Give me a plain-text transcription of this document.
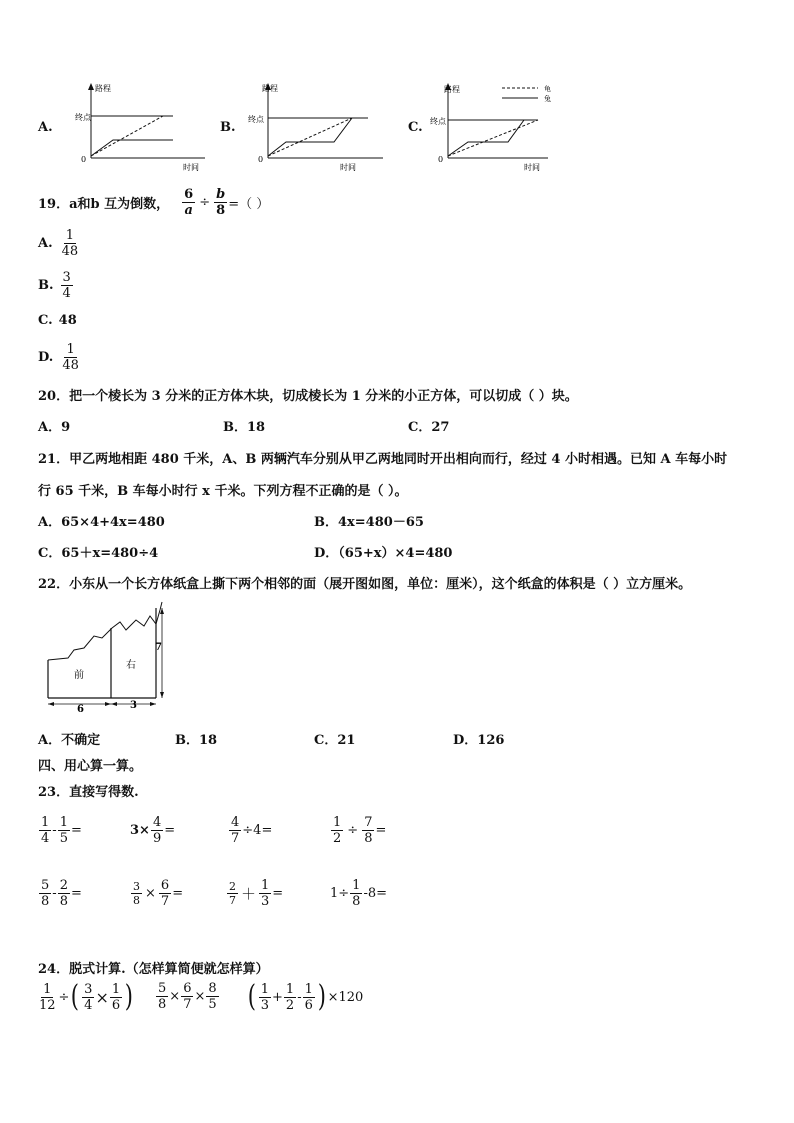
A.
路程
终点
0
时间
B.
路程
终点
0
时间
C.
路程
终点
0
时间
龟
兔
19．a和b 互为倒数， $\frac{6}{a} \div \frac{b}{8}$ =（ ）
A. $\frac{1}{48}$
B. $\frac{3}{4}$
C. 48
D. $\frac{1}{48}$
20．把一个棱长为 3 分米的正方体木块，切成棱长为 1 分米的小正方体，可以切成（ ）块。
A．9	B．18	C．27
21．甲乙两地相距 480 千米，A、B 两辆汽车分别从甲乙两地同时开出相向而行，经过 4 小时相遇。已知 A 车每小时
行 65 千米，B 车每小时行 x 千米。下列方程不正确的是（ ）。
A．65×4+4x=480	B．4x=480－65
C．65＋x=480÷4	D．（65+x）×4=480
22．小东从一个长方体纸盒上撕下两个相邻的面（展开图如图，单位：厘米），这个纸盒的体积是（ ）立方厘米。
前
右
6	3
7
A．不确定	B．18	C．21	D．126
四、用心算一算。
23．直接写得数.
$\frac{1}{4} - \frac{1}{5}$ =	$3\times \frac{4}{9}$ =	$\frac{4}{7} \div 4=$	$\frac{1}{2} \div \frac{7}{8}$ =
$\frac{5}{8} - \frac{2}{8}$ =	$\frac{3}{8} \times \frac{6}{7}$ =	$\frac{2}{7} + \frac{1}{3}$ =	$1\div \frac{1}{8} -8=$
24．脱式计算.（怎样算简便就怎样算）
$\frac{1}{12}$ ÷ ( $\frac{3}{4} \times \frac{1}{6}$ ) $\frac{5}{8} \times \frac{6}{7} \times \frac{8}{5}$ ( $\frac{1}{3} + \frac{1}{2} - \frac{1}{6}$ ) ×120
